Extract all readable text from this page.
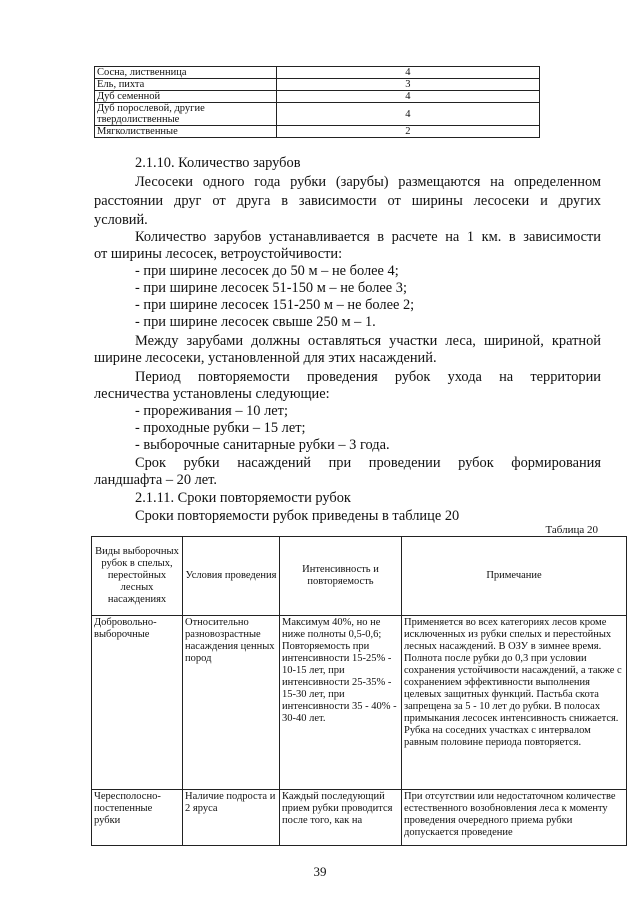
Сосна, лиственница	4
Ель, пихта	3
Дуб семенной	4
Дуб порослевой, другие твердолиственные	4
Мягколиственные	2
2.1.10. Количество зарубов
Лесосеки одного года рубки (зарубы) размещаются на определенном
расстоянии друг от друга в зависимости от ширины лесосеки и других
условий.
Количество зарубов устанавливается в расчете на 1 км. в зависимости
от ширины лесосек, ветроустойчивости:
- при ширине лесосек до 50 м – не более 4;
- при ширине лесосек 51-150 м – не более 3;
- при ширине лесосек 151-250 м – не более 2;
- при ширине лесосек свыше 250 м – 1.
Между зарубами должны оставляться участки леса, шириной, кратной
ширине лесосеки, установленной для этих насаждений.
Период повторяемости проведения рубок ухода на территории
лесничества установлены следующие:
- прореживания – 10 лет;
- проходные рубки – 15 лет;
- выборочные санитарные рубки – 3 года.
Срок рубки насаждений при проведении рубок формирования
ландшафта – 20 лет.
2.1.11. Сроки повторяемости рубок
Сроки повторяемости рубок приведены в таблице 20
Таблица 20
Виды выборочных рубок в спелых, перестойных лесных насаждениях	Условия проведения	Интенсивность и повторяемость	Примечание
Добровольно-выборочные	Относительно разновозрастные насаждения ценных пород	Максимум 40%, но не ниже полноты 0,5-0,6; Повторяемость при интенсивности 15-25% - 10-15 лет, при интенсивности 25-35% - 15-30 лет, при интенсивности 35 - 40% - 30-40 лет.	Применяется во всех категориях лесов кроме исключенных из рубки спелых и перестойных лесных насаждений. В ОЗУ в зимнее время. Полнота после рубки до 0,3 при условии сохранения устойчивости насаждений, а также с сохранением эффективности выполнения целевых защитных функций. Пастьба скота запрещена за 5 - 10 лет до рубки. В полосах примыкания лесосек интенсивность снижается. Рубка на соседних участках с интервалом равным половине периода повторяется.
Чересполосно-постепенные рубки	Наличие подроста и 2 яруса	Каждый последующий прием рубки проводится после того, как на	При отсутствии или недостаточном количестве естественного возобновления леса к моменту проведения очередного приема рубки допускается проведение
39
